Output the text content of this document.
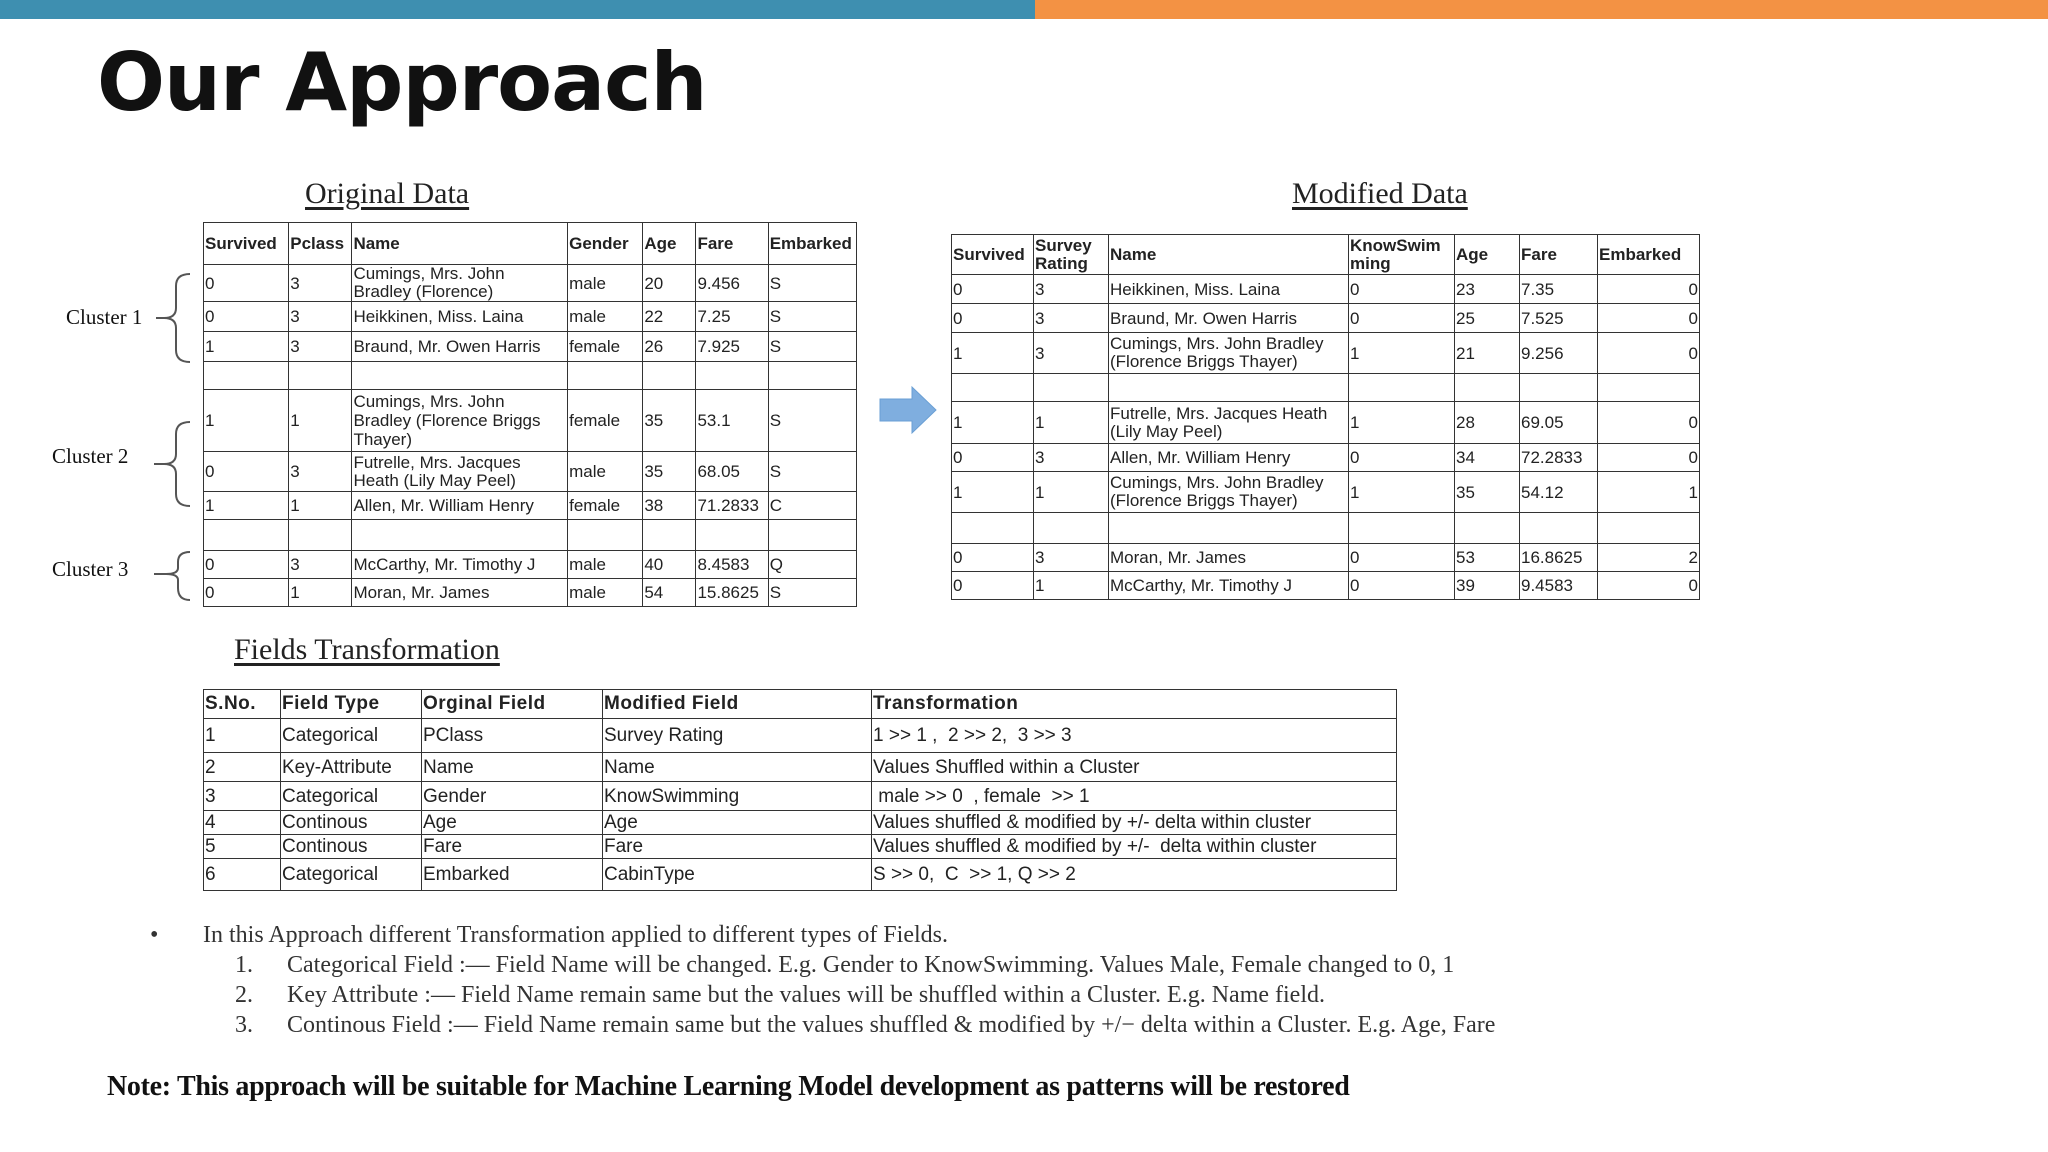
Our Approach
Original Data
Survived	Pclass	Name	Gender	Age	Fare	Embarked
0	3	Cumings, Mrs. John Bradley (Florence)	male	20	9.456	S
0	3	Heikkinen, Miss. Laina	male	22	7.25	S
1	3	Braund, Mr. Owen Harris	female	26	7.925	S

1	1	Cumings, Mrs. John Bradley (Florence Briggs Thayer)	female	35	53.1	S
0	3	Futrelle, Mrs. Jacques Heath (Lily May Peel)	male	35	68.05	S
1	1	Allen, Mr. William Henry	female	38	71.2833	C

0	3	McCarthy, Mr. Timothy J	male	40	8.4583	Q
0	1	Moran, Mr. James	male	54	15.8625	S
Cluster 1
Cluster 2
Cluster 3
Modified Data
Survived	Survey Rating	Name	KnowSwimming	Age	Fare	Embarked
0	3	Heikkinen, Miss. Laina	0	23	7.35	0
0	3	Braund, Mr. Owen Harris	0	25	7.525	0
1	3	Cumings, Mrs. John Bradley (Florence Briggs Thayer)	1	21	9.256	0

1	1	Futrelle, Mrs. Jacques Heath (Lily May Peel)	1	28	69.05	0
0	3	Allen, Mr. William Henry	0	34	72.2833	0
1	1	Cumings, Mrs. John Bradley (Florence Briggs Thayer)	1	35	54.12	1

0	3	Moran, Mr. James	0	53	16.8625	2
0	1	McCarthy, Mr. Timothy J	0	39	9.4583	0
Fields Transformation
S.No.	Field Type	Orginal Field	Modified Field	Transformation
1	Categorical	PClass	Survey Rating	1 >> 1 ,  2 >> 2,  3 >> 3
2	Key-Attribute	Name	Name	Values Shuffled within a Cluster
3	Categorical	Gender	KnowSwimming	male >> 0  , female  >> 1
4	Continous	Age	Age	Values shuffled & modified by +/- delta within cluster
5	Continous	Fare	Fare	Values shuffled & modified by +/-  delta within cluster
6	Categorical	Embarked	CabinType	S >> 0,  C  >> 1, Q >> 2
• In this Approach different Transformation applied to different types of Fields.
1. Categorical Field :— Field Name will be changed. E.g. Gender to KnowSwimming. Values Male, Female changed to 0, 1
2. Key Attribute :— Field Name remain same but the values will be shuffled within a Cluster. E.g. Name field.
3. Continous Field :— Field Name remain same but the values shuffled & modified by +/− delta within a Cluster. E.g. Age, Fare
Note: This approach will be suitable for Machine Learning Model development as patterns will be restored
